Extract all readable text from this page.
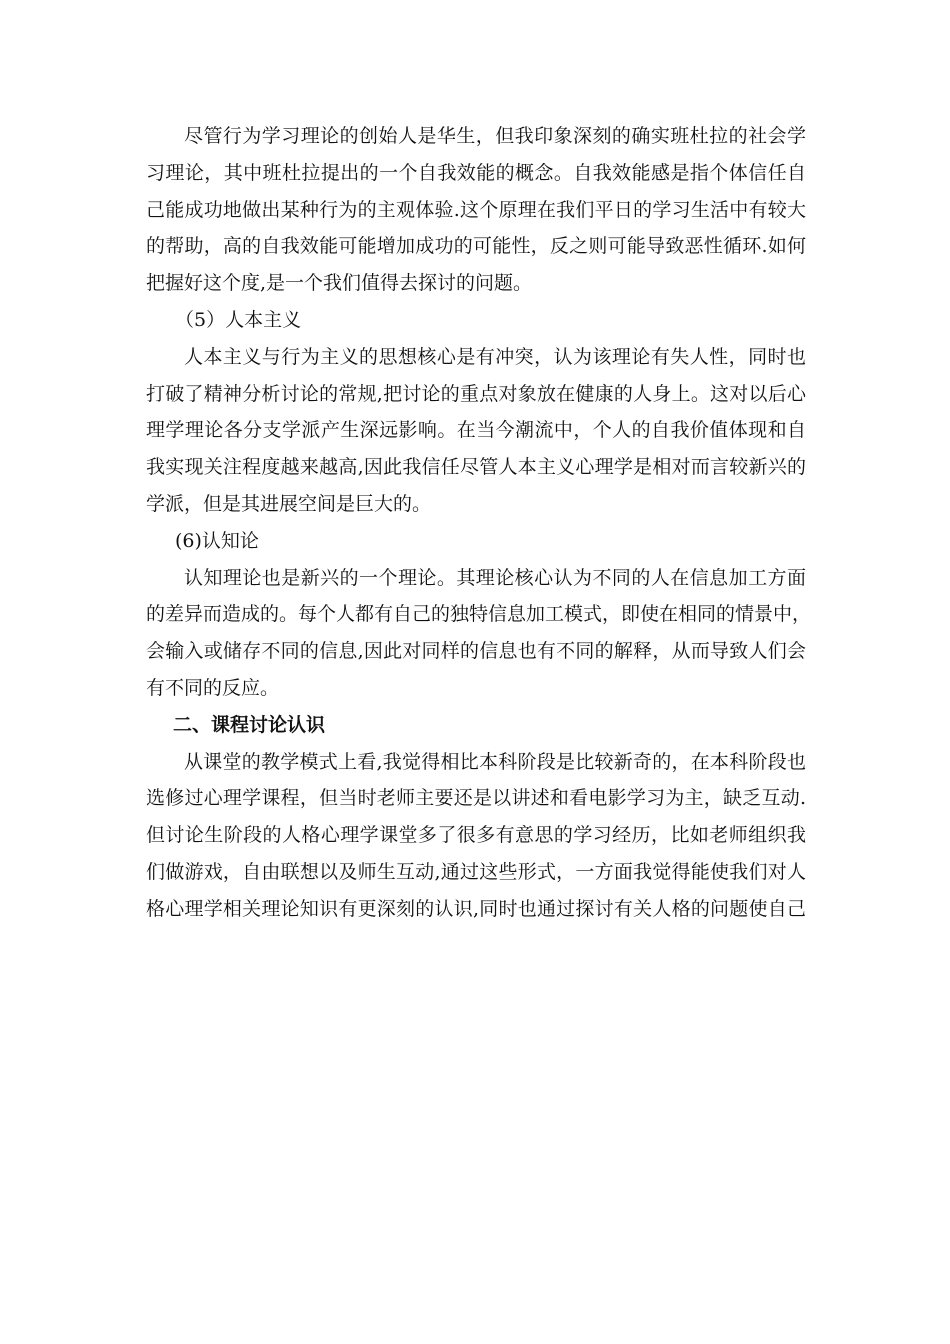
尽管行为学习理论的创始人是华生，但我印象深刻的确实班杜拉的社会学
习理论，其中班杜拉提出的一个自我效能的概念。自我效能感是指个体信任自
己能成功地做出某种行为的主观体验.这个原理在我们平日的学习生活中有较大
的帮助，高的自我效能可能增加成功的可能性，反之则可能导致恶性循环.如何
把握好这个度,是一个我们值得去探讨的问题。
（5）人本主义
人本主义与行为主义的思想核心是有冲突，认为该理论有失人性，同时也
打破了精神分析讨论的常规,把讨论的重点对象放在健康的人身上。这对以后心
理学理论各分支学派产生深远影响。在当今潮流中，个人的自我价值体现和自
我实现关注程度越来越高,因此我信任尽管人本主义心理学是相对而言较新兴的
学派，但是其进展空间是巨大的。
(6)认知论
认知理论也是新兴的一个理论。其理论核心认为不同的人在信息加工方面
的差异而造成的。每个人都有自己的独特信息加工模式，即使在相同的情景中，
会输入或储存不同的信息,因此对同样的信息也有不同的解释，从而导致人们会
有不同的反应。
二、课程讨论认识
从课堂的教学模式上看,我觉得相比本科阶段是比较新奇的，在本科阶段也
选修过心理学课程，但当时老师主要还是以讲述和看电影学习为主，缺乏互动.
但讨论生阶段的人格心理学课堂多了很多有意思的学习经历，比如老师组织我
们做游戏，自由联想以及师生互动,通过这些形式，一方面我觉得能使我们对人
格心理学相关理论知识有更深刻的认识,同时也通过探讨有关人格的问题使自己
